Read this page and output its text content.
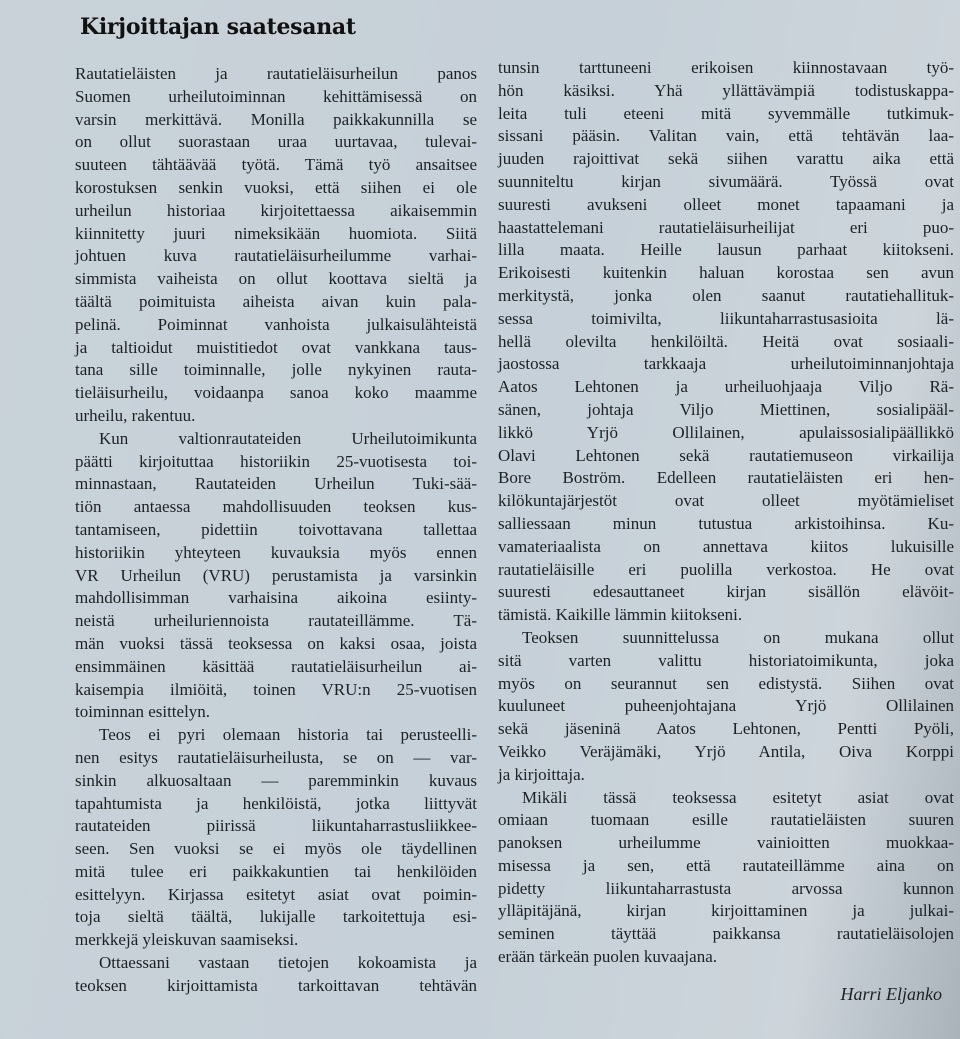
Kirjoittajan saatesanat
Rautatieläisten ja rautatieläisurheilun panos
Suomen urheilutoiminnan kehittämisessä on
varsin merkittävä. Monilla paikkakunnilla se
on ollut suorastaan uraa uurtavaa, tulevai-
suuteen tähtäävää työtä. Tämä työ ansaitsee
korostuksen senkin vuoksi, että siihen ei ole
urheilun historiaa kirjoitettaessa aikaisemmin
kiinnitetty juuri nimeksikään huomiota. Siitä
johtuen kuva rautatieläisurheilumme varhai-
simmista vaiheista on ollut koottava sieltä ja
täältä poimituista aiheista aivan kuin pala-
pelinä. Poiminnat vanhoista julkaisulähteistä
ja taltioidut muistitiedot ovat vankkana taus-
tana sille toiminnalle, jolle nykyinen rauta-
tieläisurheilu, voidaanpa sanoa koko maamme
urheilu, rakentuu.
Kun valtionrautateiden Urheilutoimikunta
päätti kirjoituttaa historiikin 25-vuotisesta toi-
minnastaan, Rautateiden Urheilun Tuki-sää-
tiön antaessa mahdollisuuden teoksen kus-
tantamiseen, pidettiin toivottavana tallettaa
historiikin yhteyteen kuvauksia myös ennen
VR Urheilun (VRU) perustamista ja varsinkin
mahdollisimman varhaisina aikoina esiinty-
neistä urheiluriennoista rautateillämme. Tä-
män vuoksi tässä teoksessa on kaksi osaa, joista
ensimmäinen käsittää rautatieläisurheilun ai-
kaisempia ilmiöitä, toinen VRU:n 25-vuotisen
toiminnan esittelyn.
Teos ei pyri olemaan historia tai perusteelli-
nen esitys rautatieläisurheilusta, se on — var-
sinkin alkuosaltaan — paremminkin kuvaus
tapahtumista ja henkilöistä, jotka liittyvät
rautateiden piirissä liikuntaharrastusliikkee-
seen. Sen vuoksi se ei myös ole täydellinen
mitä tulee eri paikkakuntien tai henkilöiden
esittelyyn. Kirjassa esitetyt asiat ovat poimin-
toja sieltä täältä, lukijalle tarkoitettuja esi-
merkkejä yleiskuvan saamiseksi.
Ottaessani vastaan tietojen kokoamista ja
teoksen kirjoittamista tarkoittavan tehtävän
tunsin tarttuneeni erikoisen kiinnostavaan työ-
hön käsiksi. Yhä yllättävämpiä todistuskappa-
leita tuli eteeni mitä syvemmälle tutkimuk-
sissani pääsin. Valitan vain, että tehtävän laa-
juuden rajoittivat sekä siihen varattu aika että
suunniteltu kirjan sivumäärä. Työssä ovat
suuresti avukseni olleet monet tapaamani ja
haastattelemani rautatieläisurheilijat eri puo-
lilla maata. Heille lausun parhaat kiitokseni.
Erikoisesti kuitenkin haluan korostaa sen avun
merkitystä, jonka olen saanut rautatiehallituk-
sessa toimivilta, liikuntaharrastusasioita lä-
hellä olevilta henkilöiltä. Heitä ovat sosiaali-
jaostossa tarkkaaja urheilutoiminnanjohtaja
Aatos Lehtonen ja urheiluohjaaja Viljo Rä-
sänen, johtaja Viljo Miettinen, sosialipääl-
likkö Yrjö Ollilainen, apulaissosialipäällikkö
Olavi Lehtonen sekä rautatiemuseon virkailija
Bore Boström. Edelleen rautatieläisten eri hen-
kilökuntajärjestöt ovat olleet myötämieliset
salliessaan minun tutustua arkistoihinsa. Ku-
vamateriaalista on annettava kiitos lukuisille
rautatieläisille eri puolilla verkostoa. He ovat
suuresti edesauttaneet kirjan sisällön elävöit-
tämistä. Kaikille lämmin kiitokseni.
Teoksen suunnittelussa on mukana ollut
sitä varten valittu historiatoimikunta, joka
myös on seurannut sen edistystä. Siihen ovat
kuuluneet puheenjohtajana Yrjö Ollilainen
sekä jäseninä Aatos Lehtonen, Pentti Pyöli,
Veikko Veräjämäki, Yrjö Antila, Oiva Korppi
ja kirjoittaja.
Mikäli tässä teoksessa esitetyt asiat ovat
omiaan tuomaan esille rautatieläisten suuren
panoksen urheilumme vainioitten muokkaa-
misessa ja sen, että rautateillämme aina on
pidetty liikuntaharrastusta arvossa kunnon
ylläpitäjänä, kirjan kirjoittaminen ja julkai-
seminen täyttää paikkansa rautatieläisolojen
erään tärkeän puolen kuvaajana.
Harri Eljanko
